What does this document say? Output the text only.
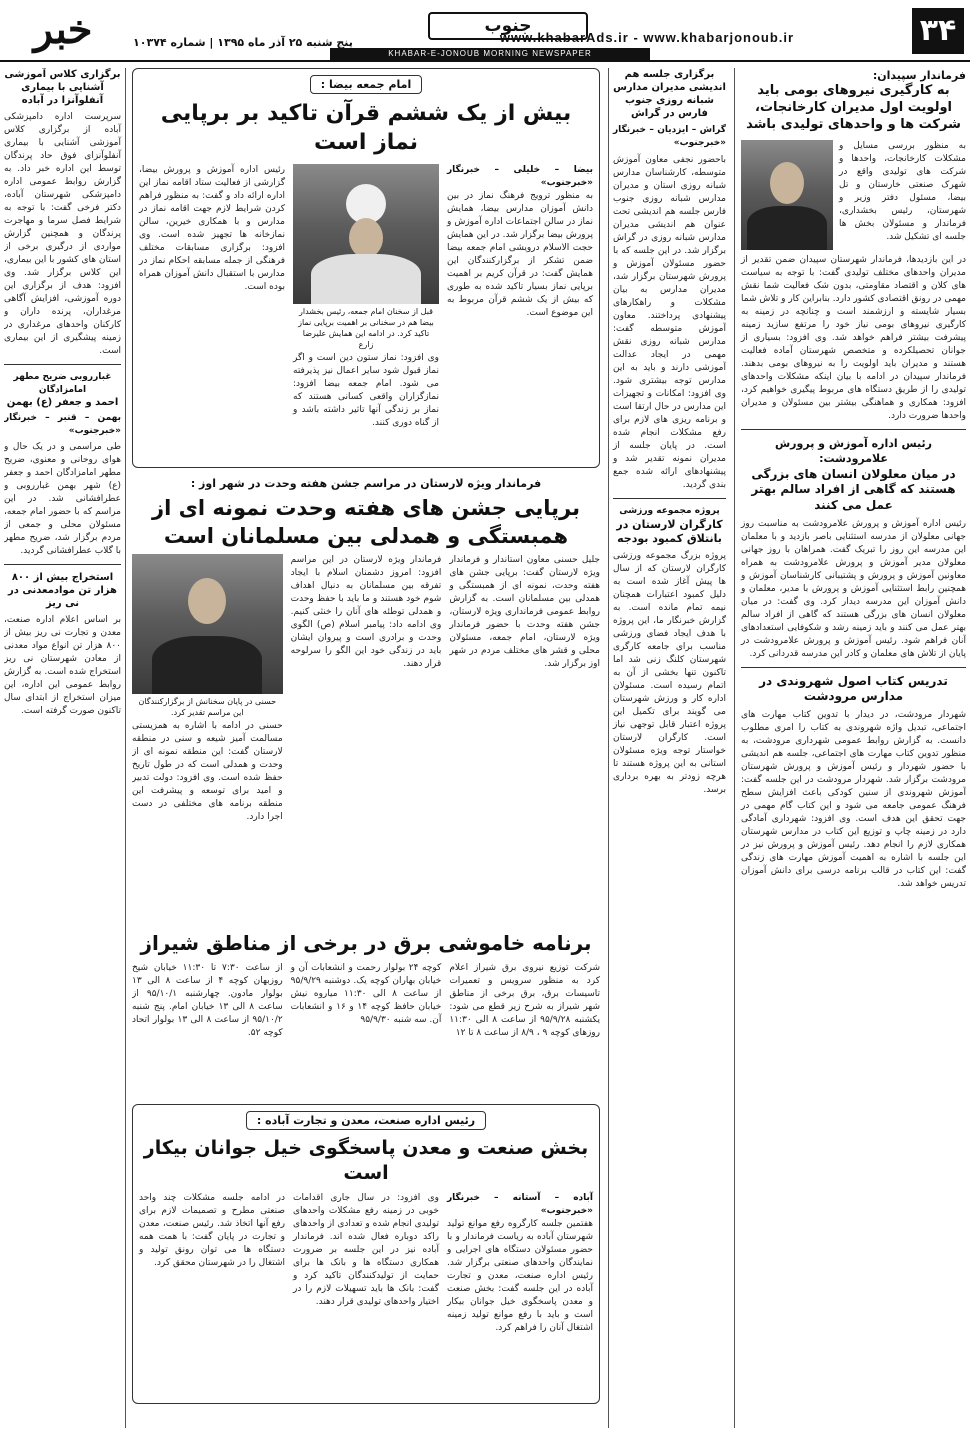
۳۴
www.khabarAds.ir - www.khabarjonoub.ir
جنوب
KHABAR-E-JONOUB MORNING NEWSPAPER
پنج شنبه ۲۵ آذر ماه ۱۳۹۵ | شماره ۱۰۳۷۴
خبر
فرماندار سپیدان:
به کارگیری نیروهای بومی باید اولویت اول مدیران کارخانجات، شرکت ها و واحدهای تولیدی باشد
به منظور بررسی مسایل و مشکلات کارخانجات، واحدها و شرکت های تولیدی واقع در شهرک صنعتی خارستان و تل بیضا، مسئول دفتر وزیر و شهرستان، رئیس بخشداری، فرماندار و مسئولان بخش ها جلسه ای تشکیل شد.
در این بازدیدها، فرماندار شهرستان سپیدان ضمن تقدیر از مدیران واحدهای مختلف تولیدی گفت: با توجه به سیاست های کلان و اقتصاد مقاومتی، بدون شک فعالیت شما نقش مهمی در رونق اقتصادی کشور دارد. بنابراین کار و تلاش شما بسیار شایسته و ارزشمند است و چنانچه در زمینه به کارگیری نیروهای بومی نیاز خود را مرتفع سازید زمینه پیشرفت بیشتر فراهم خواهد شد. وی افزود: بسیاری از جوانان تحصیلکرده و متخصص شهرستان آماده فعالیت هستند و مدیران باید اولویت را به نیروهای بومی بدهند. فرماندار سپیدان در ادامه با بیان اینکه مشکلات واحدهای تولیدی را از طریق دستگاه های مربوط پیگیری خواهیم کرد، افزود: همکاری و هماهنگی بیشتر بین مسئولان و مدیران واحدها ضرورت دارد.
رئیس اداره آموزش و پرورش علامرودشت:
در میان معلولان انسان های بزرگی هستند که گاهی از افراد سالم بهتر عمل می کنند
رئیس اداره آموزش و پرورش علامرودشت به مناسبت روز جهانی معلولان از مدرسه استثنایی باصر بازدید و با معلمان این مدرسه این روز را تبریک گفت. همراهان با روز جهانی معلولان مدیر آموزش و پرورش علامرودشت به همراه معاونین آموزش و پرورش و پشتیبانی کارشناسان آموزش و همچنین رابط استثنایی آموزش و پرورش با مدیر، معلمان و دانش آموزان این مدرسه دیدار کرد. وی گفت: در میان معلولان انسان های بزرگی هستند که گاهی از افراد سالم بهتر عمل می کنند و باید زمینه رشد و شکوفایی استعدادهای آنان فراهم شود. رئیس آموزش و پرورش علامرودشت در پایان از تلاش های معلمان و کادر این مدرسه قدردانی کرد.
تدریس کتاب اصول شهروندی در مدارس مرودشت
شهردار مرودشت، در دیدار با تدوین کتاب مهارت های اجتماعی، تبدیل واژه شهروندی به کتاب را امری مطلوب دانست. به گزارش روابط عمومی شهرداری مرودشت، به منظور تدوین کتاب مهارت های اجتماعی، جلسه هم اندیشی با حضور شهردار و رئیس آموزش و پرورش شهرستان مرودشت برگزار شد. شهردار مرودشت در این جلسه گفت: آموزش شهروندی از سنین کودکی باعث افزایش سطح فرهنگ عمومی جامعه می شود و این کتاب گام مهمی در جهت تحقق این هدف است. وی افزود: شهرداری آمادگی دارد در زمینه چاپ و توزیع این کتاب در مدارس شهرستان همکاری لازم را انجام دهد. رئیس آموزش و پرورش نیز در این جلسه با اشاره به اهمیت آموزش مهارت های زندگی گفت: این کتاب در قالب برنامه درسی برای دانش آموزان تدریس خواهد شد.
برگزاری جلسه هم اندیشی مدیران مدارس شبانه روزی جنوب فارس در گراش
گراش – ایزدیان – خبرنگار «خبرجنوب»
باحضور نجفی معاون آموزش متوسطه، کارشناسان مدارس شبانه روزی استان و مدیران مدارس شبانه روزی جنوب فارس جلسه هم اندیشی تحت عنوان هم اندیشی مدیران مدارس شبانه روزی در گراش برگزار شد. در این جلسه که با حضور مسئولان آموزش و پرورش شهرستان برگزار شد، مدیران مدارس به بیان مشکلات و راهکارهای پیشنهادی پرداختند. معاون آموزش متوسطه گفت: مدارس شبانه روزی نقش مهمی در ایجاد عدالت آموزشی دارند و باید به این مدارس توجه بیشتری شود. وی افزود: امکانات و تجهیزات این مدارس در حال ارتقا است و برنامه ریزی های لازم برای رفع مشکلات انجام شده است. در پایان جلسه از مدیران نمونه تقدیر شد و پیشنهادهای ارائه شده جمع بندی گردید.
پروژه مجموعه ورزشی
کارگران لارستان در بانتلاق کمبود بودجه
پروژه بزرگ مجموعه ورزشی کارگران لارستان که از سال ها پیش آغاز شده است به دلیل کمبود اعتبارات همچنان نیمه تمام مانده است. به گزارش خبرنگار ما، این پروژه با هدف ایجاد فضای ورزشی مناسب برای جامعه کارگری شهرستان کلنگ زنی شد اما تاکنون تنها بخشی از آن به اتمام رسیده است. مسئولان اداره کار و ورزش شهرستان می گویند برای تکمیل این پروژه اعتبار قابل توجهی نیاز است. کارگران لارستان خواستار توجه ویژه مسئولان استانی به این پروژه هستند تا هرچه زودتر به بهره برداری برسد.
برگزاری کلاس آموزشی آشنایی با بیماری آنفلوآنزا در آباده
سرپرست اداره دامپزشکی آباده از برگزاری کلاس آموزشی آشنایی با بیماری آنفلوآنزای فوق حاد پرندگان توسط این اداره خبر داد. به گزارش روابط عمومی اداره دامپزشکی شهرستان آباده، دکتر فرخی گفت: با توجه به شرایط فصل سرما و مهاجرت پرندگان و همچنین گزارش مواردی از درگیری برخی از استان های کشور با این بیماری، این کلاس برگزار شد. وی افزود: هدف از برگزاری این دوره آموزشی، افزایش آگاهی مرغداران، پرنده داران و کارکنان واحدهای مرغداری در زمینه پیشگیری از این بیماری است.
غبارروبی ضریح مطهر امامزادگان
احمد و جعفر (ع) بهمن
بهمن – قنبر – خبرنگار «خبرجنوب»
طی مراسمی و در یک حال و هوای روحانی و معنوی، ضریح مطهر امامزادگان احمد و جعفر (ع) شهر بهمن غبارروبی و عطرافشانی شد. در این مراسم که با حضور امام جمعه، مسئولان محلی و جمعی از مردم برگزار شد، ضریح مطهر با گلاب عطرافشانی گردید.
استخراج بیش از ۸۰۰ هزار تن موادمعدنی در نی ریز
بر اساس اعلام اداره صنعت، معدن و تجارت نی ریز بیش از ۸۰۰ هزار تن انواع مواد معدنی از معادن شهرستان نی ریز استخراج شده است. به گزارش روابط عمومی این اداره، این میزان استخراج از ابتدای سال تاکنون صورت گرفته است.
امام جمعه بیضا :
بیش از یک ششم قرآن تاکید بر برپایی نماز است
بیضا – خلیلی – خبرنگار «خبرجنوب»
به منظور ترویج فرهنگ نماز در بین دانش آموزان مدارس بیضا، همایش نماز در سالن اجتماعات اداره آموزش و پرورش بیضا برگزار شد. در این همایش حجت الاسلام درویشی امام جمعه بیضا ضمن تشکر از برگزارکنندگان این همایش گفت: در قرآن کریم بر اهمیت برپایی نماز بسیار تاکید شده به طوری که بیش از یک ششم قرآن مربوط به این موضوع است.
قبل از سخنان امام جمعه، رئیس بخشدار بیضا هم در سخنانی بر اهمیت برپایی نماز تاکید کرد. در ادامه این همایش علیرضا زارع
وی افزود: نماز ستون دین است و اگر نماز قبول شود سایر اعمال نیز پذیرفته می شود. امام جمعه بیضا افزود: نمازگزاران واقعی کسانی هستند که نماز بر زندگی آنها تاثیر داشته باشد و از گناه دوری کنند.
رئیس اداره آموزش و پرورش بیضا، گزارشی از فعالیت ستاد اقامه نماز این اداره ارائه داد و گفت: به منظور فراهم کردن شرایط لازم جهت اقامه نماز در مدارس و با همکاری خیرین، سالن نمازخانه ها تجهیز شده است. وی افزود: برگزاری مسابقات مختلف فرهنگی از جمله مسابقه احکام نماز در مدارس با استقبال دانش آموزان همراه بوده است.
فرماندار ویژه لارستان در مراسم جشن هفته وحدت در شهر اوز :
برپایی جشن های هفته وحدت نمونه ای از همبستگی و همدلی بین مسلمانان است
جلیل حسنی معاون استاندار و فرماندار ویژه لارستان گفت: برپایی جشن های هفته وحدت، نمونه ای از همبستگی و همدلی بین مسلمانان است. به گزارش روابط عمومی فرمانداری ویژه لارستان، جشن هفته وحدت با حضور فرماندار ویژه لارستان، امام جمعه، مسئولان محلی و قشر های مختلف مردم در شهر اوز برگزار شد.
فرماندار ویژه لارستان در این مراسم افزود: امروز دشمنان اسلام با ایجاد تفرقه بین مسلمانان به دنبال اهداف شوم خود هستند و ما باید با حفظ وحدت و همدلی توطئه های آنان را خنثی کنیم. وی ادامه داد: پیامبر اسلام (ص) الگوی وحدت و برادری است و پیروان ایشان باید در زندگی خود این الگو را سرلوحه قرار دهند.
حسنی در پایان سخنانش از برگزارکنندگان این مراسم تقدیر کرد.
حسنی در ادامه با اشاره به همزیستی مسالمت آمیز شیعه و سنی در منطقه لارستان گفت: این منطقه نمونه ای از وحدت و همدلی است که در طول تاریخ حفظ شده است. وی افزود: دولت تدبیر و امید برای توسعه و پیشرفت این منطقه برنامه های مختلفی در دست اجرا دارد.
برنامه خاموشی برق در برخی از مناطق شیراز
شرکت توزیع نیروی برق شیراز اعلام کرد به منظور سرویس و تعمیرات تاسیسات برق، برق برخی از مناطق شهر شیراز به شرح زیر قطع می شود: یکشنبه ۹۵/۹/۲۸ از ساعت ۸ الی ۱۱:۳۰ روزهای کوچه ۹ ، ۸/۹ از ساعت ۸ تا ۱۲
کوچه ۲۴ بولوار رحمت و انشعابات آن و خیابان بهاران کوچه یک. دوشنبه ۹۵/۹/۲۹ از ساعت ۸ الی ۱۱:۳۰ میاروه نیش خیابان حافظ کوچه ۱۴ و ۱۶ و انشعابات آن. سه شنبه ۹۵/۹/۳۰
از ساعت ۷:۳۰ تا ۱۱:۳۰ خیابان شیخ روزبهان کوچه ۴ از ساعت ۸ الی ۱۳ بولوار مادون. چهارشنبه ۹۵/۱۰/۱ از ساعت ۸ الی ۱۳ خیابان امام. پنج شنبه ۹۵/۱۰/۲ از ساعت ۸ الی ۱۳ بولوار اتحاد کوچه ۵۲.
رئیس اداره صنعت، معدن و تجارت آباده :
بخش صنعت و معدن پاسخگوی خیل جوانان بیکار است
آباده – آستانه – خبرنگار «خبرجنوب»
هفتمین جلسه کارگروه رفع موانع تولید شهرستان آباده به ریاست فرماندار و با حضور مسئولان دستگاه های اجرایی و نمایندگان واحدهای صنعتی برگزار شد. رئیس اداره صنعت، معدن و تجارت آباده در این جلسه گفت: بخش صنعت و معدن پاسخگوی خیل جوانان بیکار است و باید با رفع موانع تولید زمینه اشتغال آنان را فراهم کرد.
وی افزود: در سال جاری اقدامات خوبی در زمینه رفع مشکلات واحدهای تولیدی انجام شده و تعدادی از واحدهای راکد دوباره فعال شده اند. فرماندار آباده نیز در این جلسه بر ضرورت همکاری دستگاه ها و بانک ها برای حمایت از تولیدکنندگان تاکید کرد و گفت: بانک ها باید تسهیلات لازم را در اختیار واحدهای تولیدی قرار دهند.
در ادامه جلسه مشکلات چند واحد صنعتی مطرح و تصمیمات لازم برای رفع آنها اتخاذ شد. رئیس صنعت، معدن و تجارت در پایان گفت: با همت همه دستگاه ها می توان رونق تولید و اشتغال را در شهرستان محقق کرد.
